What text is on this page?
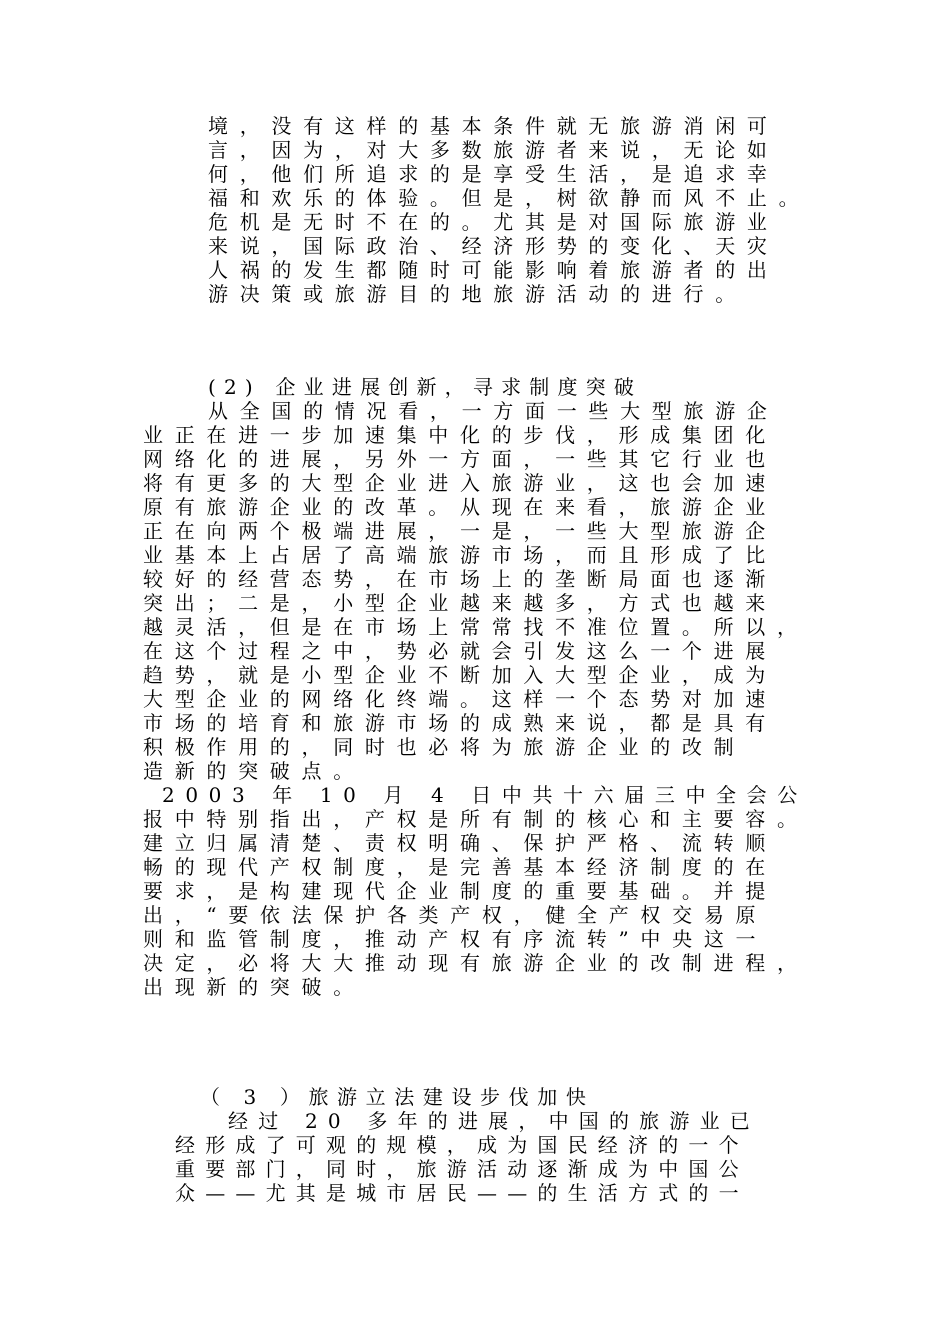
境，没有这样的基本条件就无旅游消闲可
言，因为，对大多数旅游者来说，无论如
何，他们所追求的是享受生活，是追求幸
福和欢乐的体验。但是，树欲静而风不止。
危机是无时不在的。尤其是对国际旅游业
来说，国际政治、经济形势的变化、天灾
人祸的发生都随时可能影响着旅游者的出
游决策或旅游目的地旅游活动的进行。
(2) 企业进展创新，寻求制度突破
从全国的情况看，一方面一些大型旅游企
业正在进一步加速集中化的步伐，形成集团化
网络化的进展，另外一方面，一些其它行业也
将有更多的大型企业进入旅游业，这也会加速
原有旅游企业的改革。从现在来看，旅游企业
正在向两个极端进展，一是，一些大型旅游企
业基本上占居了高端旅游市场，而且形成了比
较好的经营态势，在市场上的垄断局面也逐渐
突出；二是，小型企业越来越多，方式也越来
越灵活，但是在市场上常常找不准位置。所以，
在这个过程之中，势必就会引发这么一个进展
趋势，就是小型企业不断加入大型企业，成为
大型企业的网络化终端。这样一个态势对加速
市场的培育和旅游市场的成熟来说，都是具有
积极作用的，同时也必将为旅游企业的改制
造新的突破点。
2003 年 10 月 4 日中共十六届三中全会公
报中特别指出，产权是所有制的核心和主要容。
建立归属清楚、责权明确、保护严格、流转顺
畅的现代产权制度，是完善基本经济制度的在
要求，是构建现代企业制度的重要基础。并提
出，“要依法保护各类产权，健全产权交易原
则和监管制度，推动产权有序流转”中央这一
决定，必将大大推动现有旅游企业的改制进程，
出现新的突破。
（ 3 ）旅游立法建设步伐加快
经过 20 多年的进展，中国的旅游业已
经形成了可观的规模，成为国民经济的一个
重要部门，同时，旅游活动逐渐成为中国公
众——尤其是城市居民——的生活方式的一
